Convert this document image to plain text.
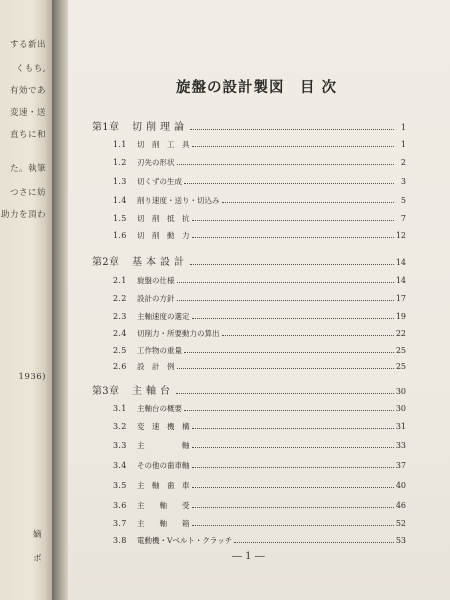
する新出
くもち,
有効であ
変速・送
直ちに和
た。執筆
つさに妨
助力を頂わ
1936)
嫡
ボ
旋盤の設計製図　目 次
第1章	切削理論	1
1.1	切　削　工　具	1
1.2	刃先の形状	2
1.3	切くずの生成	3
1.4	削り速度・送り・切込み	5
1.5	切　削　抵　抗	7
1.6	切　削　動　力	12
第2章	基本設計	14
2.1	旋盤の仕様	14
2.2	設計の方針	17
2.3	主軸速度の選定	19
2.4	切削力・所要動力の算出	22
2.5	工作物の重量	25
2.6	設　計　例	25
第3章	主軸台	30
3.1	主軸台の概要	30
3.2	変　速　機　構	31
3.3	主　　　　　軸	33
3.4	その他の歯車軸	37
3.5	主　軸　歯　車	40
3.6	主　　軸　　受	46
3.7	主　　軸　　箱	52
3.8	電動機・Vベルト・クラッチ	53
― 1 ―
